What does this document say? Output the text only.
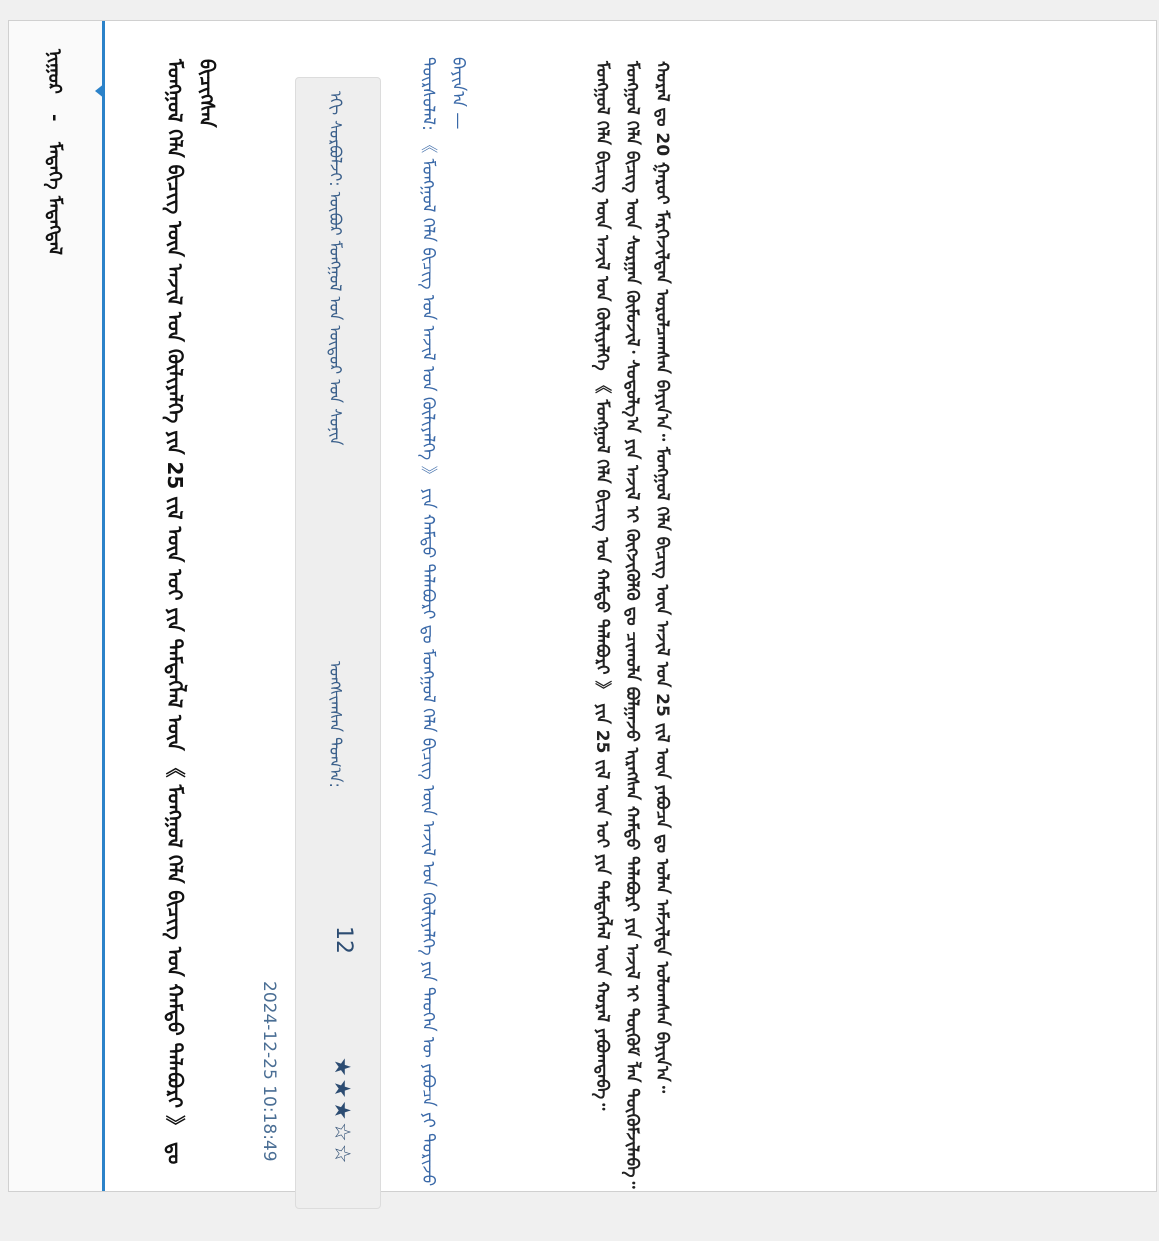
ᠨᠢᠭᠤᠷ - ᠮᠡᠳᠡᠭᠡ ᠮᠡᠳᠡᠭᠳᠡᠯ	ᠮᠣᠩᠭᠣᠯ ᠬᠡᠯᠡ ᠪᠢᠴᠢᠭ ᠦᠨ ᠠᠵᠢᠯ ᠤᠨ ᠬᠦᠯᠢᠶᠡᠯᠭᠡ ᠶᠢᠨ 25 ᠵᠢᠯ ᠦᠨ ᠣᠢ ᠶᠢᠨ ᠲᠡᠮᠳᠡᠭᠯᠡᠯ ᠦᠨ 《 ᠮᠣᠩᠭᠣᠯ ᠬᠡᠯᠡ ᠪᠢᠴᠢᠭ ᠤᠨ ᠬᠠᠮᠲᠤ ᠲᠠᠯᠠᠪᠤᠷᠢ 》 ᠳᠤ ᠪᠢᠴᠢᠭᠰᠡᠨ
2024-12-25 10:18:49
ᠡᠬᠢ ᠰᠤᠷᠪᠤᠯᠵᠢ: ᠥᠪᠥᠷ ᠮᠣᠩᠭᠣᠯ ᠤᠨ ᠥᠳᠥᠷ ᠤᠨ ᠰᠣᠨᠢᠨ
ᠤᠩᠰᠢᠭᠰᠠᠨ ᠲᠣᠭ᠎ᠠ:
12
★★★☆☆	ᠳᠦᠷᠰᠦᠯᠡᠯ: 《 ᠮᠣᠩᠭᠣᠯ ᠬᠡᠯᠡ ᠪᠢᠴᠢᠭ ᠤᠨ ᠠᠵᠢᠯ ᠤᠨ ᠬᠦᠯᠢᠶᠡᠯᠭᠡ 》 ᠶᠢᠨ ᠬᠠᠮᠲᠤ ᠲᠠᠯᠠᠪᠤᠷᠢ ᠳᠤ ᠮᠣᠩᠭᠣᠯ ᠬᠡᠯᠡ ᠪᠢᠴᠢᠭ ᠦᠨ ᠠᠵᠢᠯ ᠤᠨ ᠬᠦᠯᠢᠶᠡᠯᠭᠡ ᠶᠢᠨ ᠲᠡᠦᠬᠡᠨ ᠦ ᠶᠠᠪᠤᠴᠠ ᠶᠢ ᠲᠤᠷᠢᠵᠤ ᠪᠠᠶᠢᠨ᠎ᠠ —	ᠮᠣᠩᠭᠣᠯ ᠬᠡᠯᠡ ᠪᠢᠴᠢᠭ ᠦᠨ ᠠᠵᠢᠯ ᠤᠨ ᠬᠦᠯᠢᠶᠡᠯᠭᠡ 《 ᠮᠣᠩᠭᠣᠯ ᠬᠡᠯᠡ ᠪᠢᠴᠢᠭ ᠤᠨ ᠬᠠᠮᠲᠤ ᠲᠠᠯᠠᠪᠤᠷᠢ 》 ᠶᠢᠨ 25 ᠵᠢᠯ ᠦᠨ ᠣᠢ ᠶᠢᠨ ᠲᠡᠮᠳᠡᠭᠯᠡᠯ ᠦᠨ ᠬᠤᠷᠠᠯ ᠶᠠᠪᠤᠭᠳᠠᠪᠠ᠃ ᠮᠣᠩᠭᠣᠯ ᠬᠡᠯᠡ ᠪᠢᠴᠢᠭ ᠦᠨ ᠰᠤᠷᠭᠠᠨ ᠬᠦᠮᠦᠵᠢᠯ᠂ ᠰᠤᠳᠤᠯᠭ᠎ᠠ ᠶᠢᠨ ᠠᠵᠢᠯ ᠢ ᠬᠥᠭᠵᠢᠭᠦᠯᠬᠦ ᠳᠤ ᠴᠢᠬᠤᠯᠠ ᠪᠣᠯᠭᠠᠵᠤ ᠢᠷᠡᠭᠰᠡᠨ ᠬᠠᠮᠲᠤ ᠲᠠᠯᠠᠪᠤᠷᠢ ᠶᠢᠨ ᠠᠵᠢᠯ ᠢ ᠳᠦᠬᠦᠮ ᠯᠡᠨ ᠳᠦᠭᠦᠮᠵᠢᠯᠡᠪᠡ᠃ ᠬᠤᠷᠠᠯ ᠳᠤ 20 ᠭᠠᠷᠤᠢ ᠮᠡᠷᠭᠡᠵᠢᠯᠲᠡᠨ ᠣᠷᠣᠯᠴᠠᠭᠰᠠᠨ ᠪᠠᠶᠢᠨ᠎ᠠ᠃ ᠮᠣᠩᠭᠣᠯ ᠬᠡᠯᠡ ᠪᠢᠴᠢᠭ ᠦᠨ ᠠᠵᠢᠯ ᠤᠨ 25 ᠵᠢᠯ ᠦᠨ ᠶᠠᠪᠤᠴᠠ ᠳᠤ ᠣᠯᠠᠨ ᠠᠮᠵᠢᠯᠲᠠ ᠣᠯᠤᠭᠰᠠᠨ ᠪᠠᠶᠢᠨ᠎ᠠ᠃
